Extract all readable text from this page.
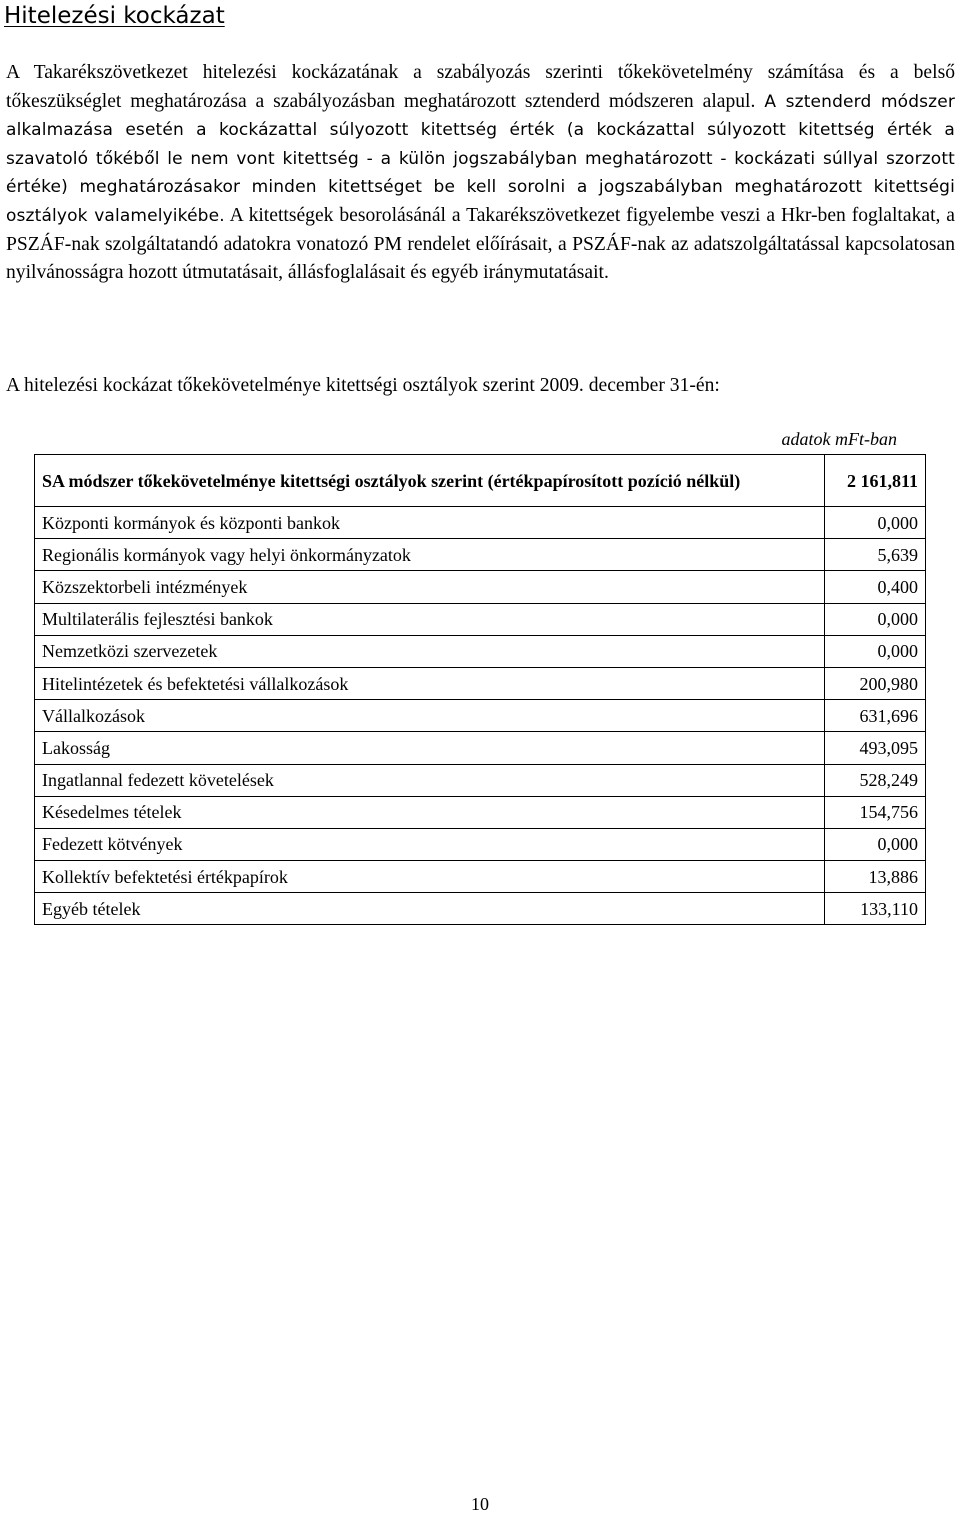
Hitelezési kockázat

A Takarékszövetkezet hitelezési kockázatának a szabályozás szerinti tőkekövetelmény számítása és a belső tőkeszükséglet meghatározása a szabályozásban meghatározott sztenderd módszeren alapul. A sztenderd módszer alkalmazása esetén a kockázattal súlyozott kitettség érték (a kockázattal súlyozott kitettség érték a szavatoló tőkéből le nem vont kitettség - a külön jogszabályban meghatározott - kockázati súllyal szorzott értéke) meghatározásakor minden kitettséget be kell sorolni a jogszabályban meghatározott kitettségi osztályok valamelyikébe. A kitettségek besorolásánál a Takarékszövetkezet figyelembe veszi a Hkr-ben foglaltakat, a PSZÁF-nak szolgáltatandó adatokra vonatozó PM rendelet előírásait, a PSZÁF-nak az adatszolgáltatással kapcsolatosan nyilvánosságra hozott útmutatásait, állásfoglalásait és egyéb iránymutatásait.

A hitelezési kockázat tőkekövetelménye kitettségi osztályok szerint 2009. december 31-én:

adatok mFt-ban
SA módszer tőkekövetelménye kitettségi osztályok szerint (értékpapírosított pozíció nélkül)	2 161,811
Központi kormányok és központi bankok	0,000
Regionális kormányok vagy helyi önkormányzatok	5,639
Közszektorbeli intézmények	0,400
Multilaterális fejlesztési bankok	0,000
Nemzetközi szervezetek	0,000
Hitelintézetek és befektetési vállalkozások	200,980
Vállalkozások	631,696
Lakosság	493,095
Ingatlannal fedezett követelések	528,249
Késedelmes tételek	154,756
Fedezett kötvények	0,000
Kollektív befektetési értékpapírok	13,886
Egyéb tételek	133,110
10
